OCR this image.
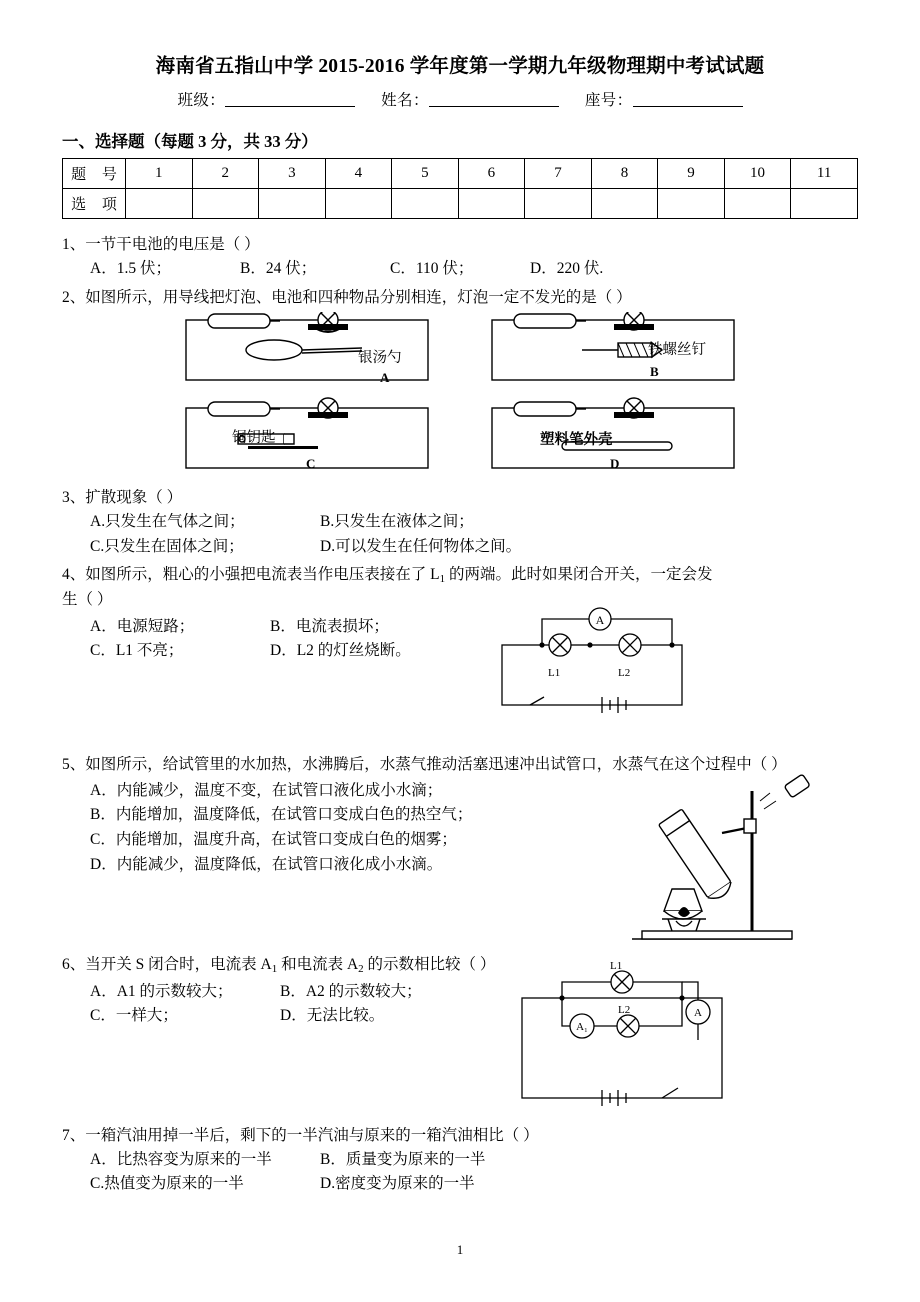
海南省五指山中学 2015-2016 学年度第一学期九年级物理期中考试试题
班级：	姓名：	座号：
一、选择题（每题 3 分，共 33 分）
题 号	1	2	3	4	5	6	7	8	9	10	11
选 项											
1、一节干电池的电压是（ ）
A．1.5 伏；	B．24 伏；	C．110 伏；	D．220 伏.
2、如图所示，用导线把灯泡、电池和四种物品分别相连，灯泡一定不发光的是（ ）
银汤勺
A
铁螺丝钉
B
铜钥匙
C
塑料笔外壳
D
3、扩散现象（ ）
A.只发生在气体之间；	B.只发生在液体之间；
C.只发生在固体之间；	D.可以发生在任何物体之间。
4、如图所示，粗心的小强把电流表当作电压表接在了 $L_1$ 的两端。此时如果闭合开关，一定会发
生（ ）
A．电源短路；	B．电流表损坏；
C．L1 不亮；	D．L2 的灯丝烧断。
A
L1	L2
5、如图所示，给试管里的水加热，水沸腾后，水蒸气推动活塞迅速冲出试管口，水蒸气在这个过程中（ ）
A．内能减少，温度不变，在试管口液化成小水滴；
B．内能增加，温度降低，在试管口变成白色的热空气；
C．内能增加，温度升高，在试管口变成白色的烟雾；
D．内能减少，温度降低，在试管口液化成小水滴。
6、当开关 S 闭合时，电流表 $A_1$ 和电流表 $A_2$ 的示数相比较（ ）
A．A1 的示数较大；	B．A2 的示数较大；
C．一样大；	D．无法比较。
A₁
A
L1
L2
7、一箱汽油用掉一半后，剩下的一半汽油与原来的一箱汽油相比（ ）
A．比热容变为原来的一半	B．质量变为原来的一半
C.热值变为原来的一半	D.密度变为原来的一半
1
